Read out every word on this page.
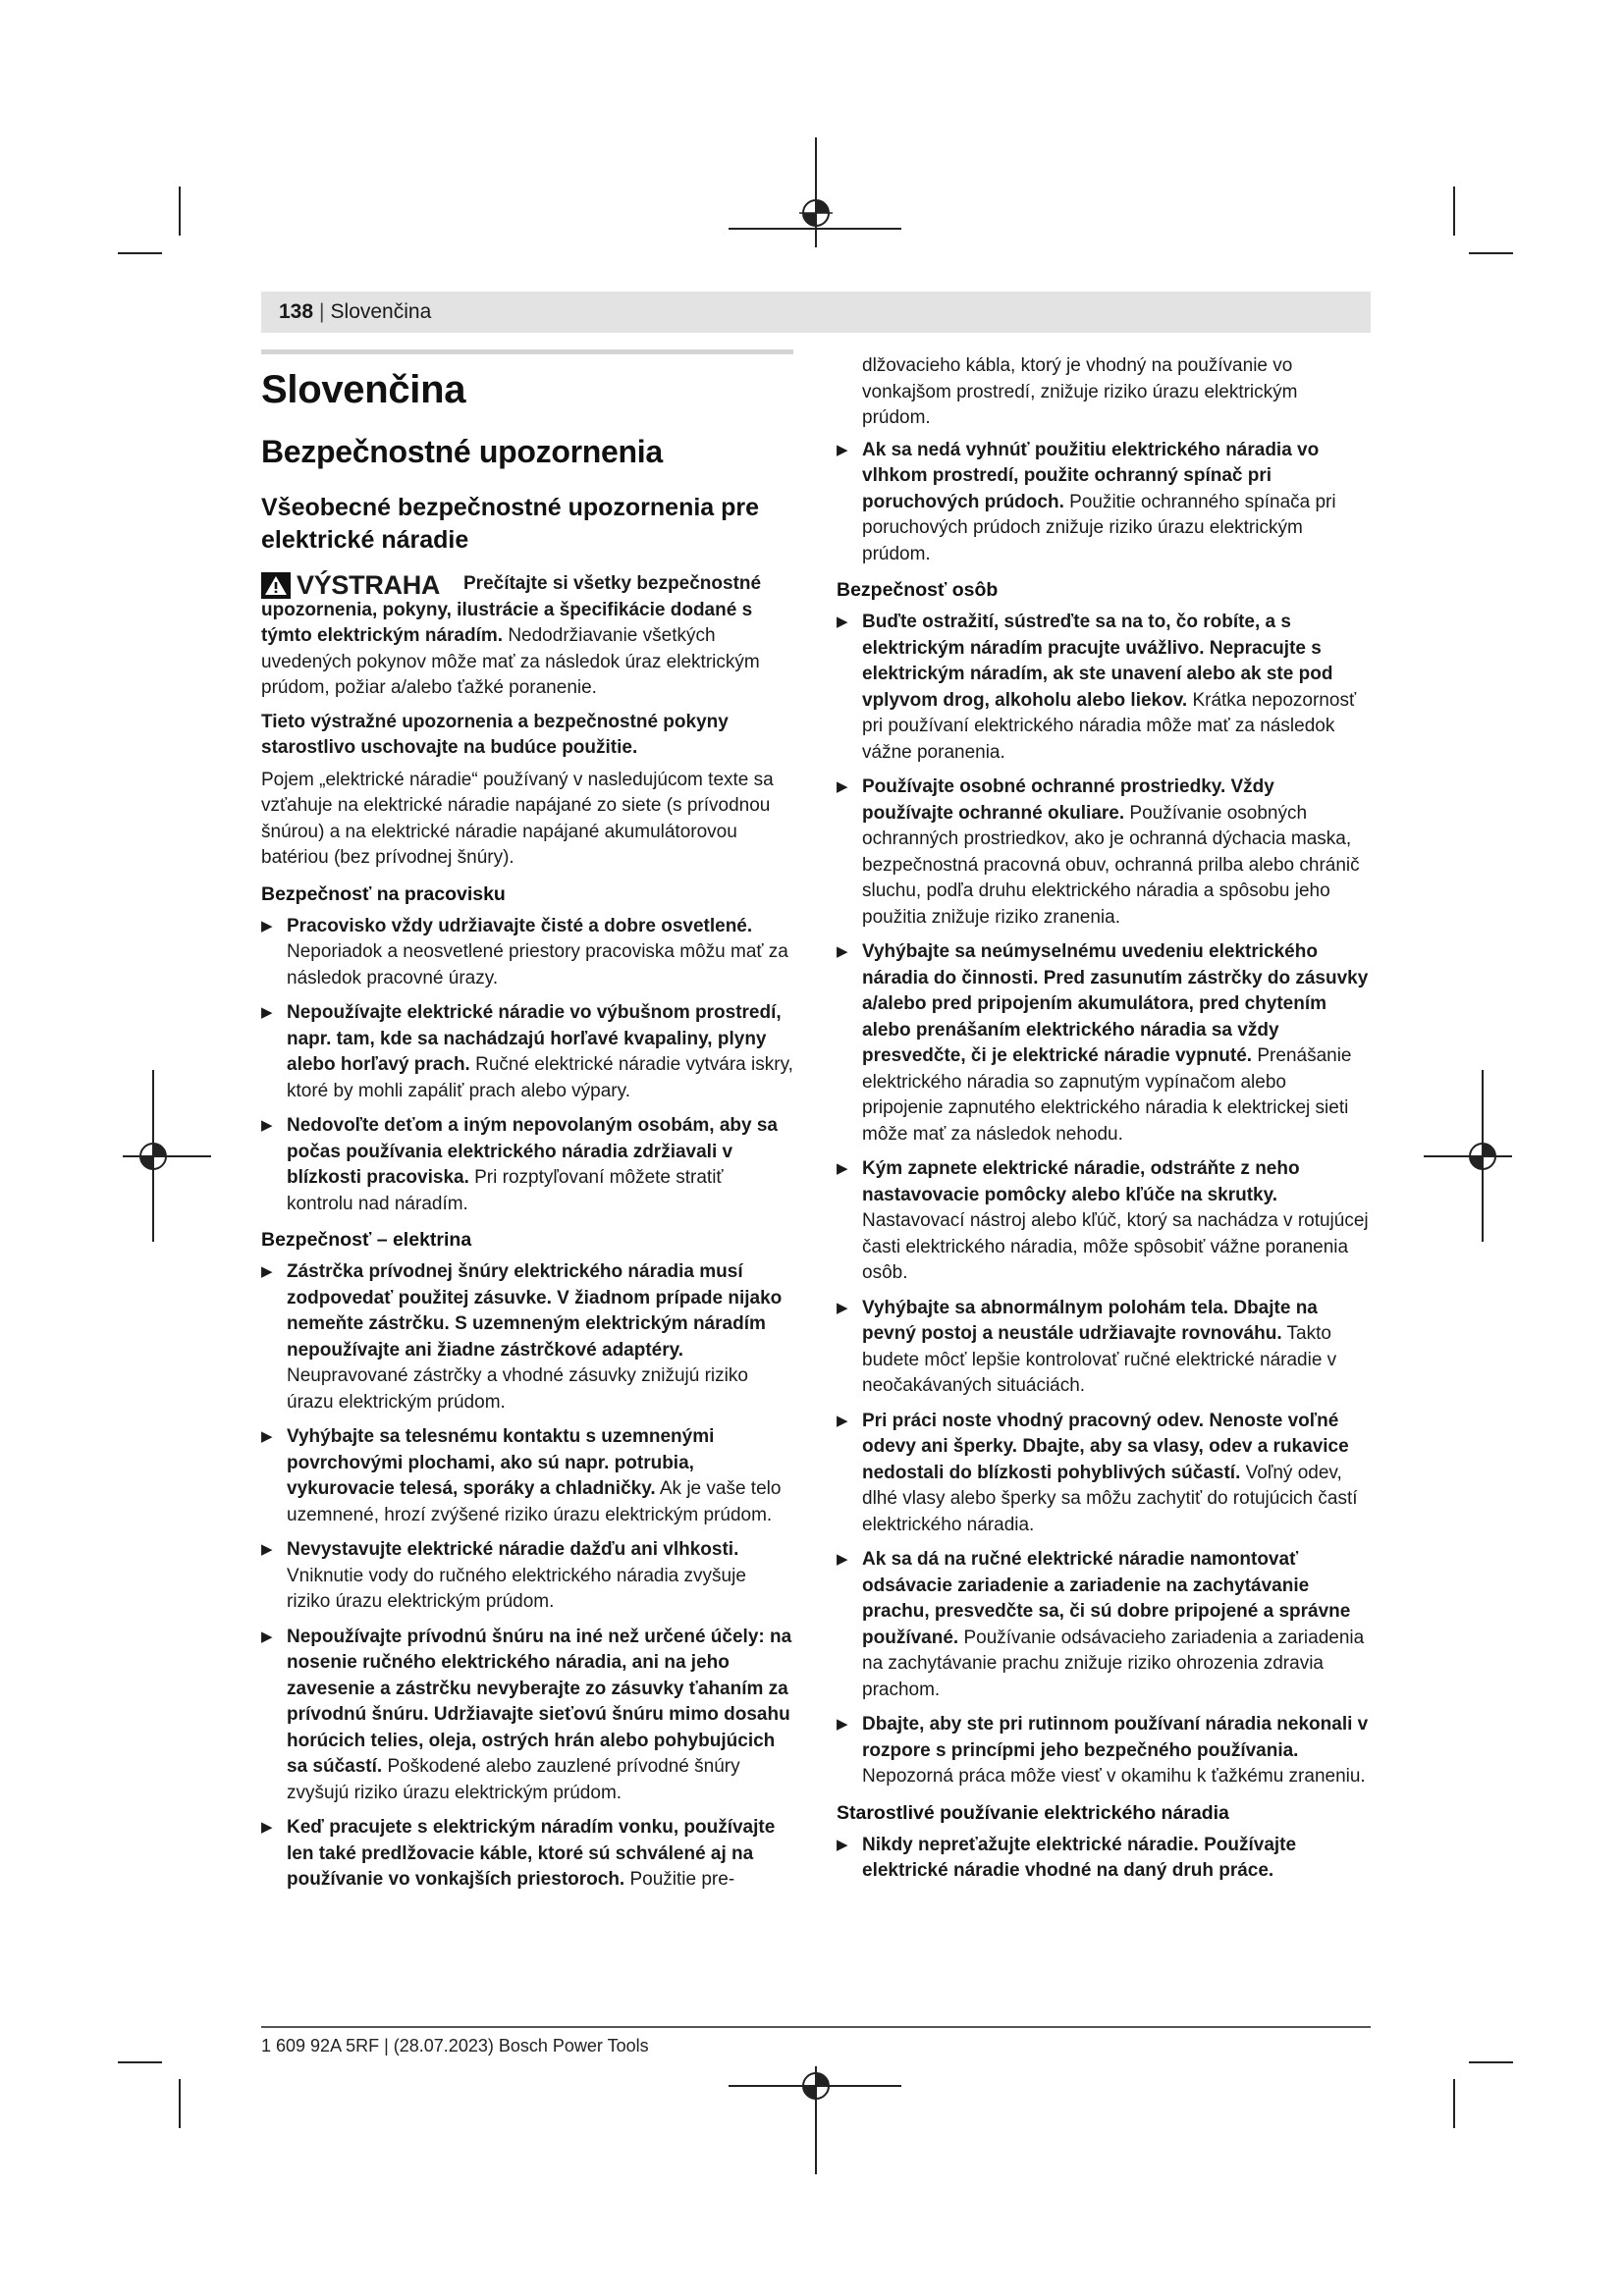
138 | Slovenčina
Slovenčina
Bezpečnostné upozornenia
Všeobecné bezpečnostné upozornenia pre elektrické náradie
VÝSTRAHA	Prečítajte si všetky bezpečnostné upozornenia, pokyny, ilustrácie a špecifikácie dodané s týmto elektrickým náradím. Nedodržiavanie všetkých uvedených pokynov môže mať za následok úraz elektrickým prúdom, požiar a/alebo ťažké poranenie.

Tieto výstražné upozornenia a bezpečnostné pokyny starostlivo uschovajte na budúce použitie.

Pojem „elektrické náradie“ používaný v nasledujúcom texte sa vzťahuje na elektrické náradie napájané zo siete (s prívodnou šnúrou) a na elektrické náradie napájané akumulátorovou batériou (bez prívodnej šnúry).

Bezpečnosť na pracovisku
▶ Pracovisko vždy udržiavajte čisté a dobre osvetlené. Neporiadok a neosvetlené priestory pracoviska môžu mať za následok pracovné úrazy.
▶ Nepoužívajte elektrické náradie vo výbušnom prostredí, napr. tam, kde sa nachádzajú horľavé kvapaliny, plyny alebo horľavý prach. Ručné elektrické náradie vytvára iskry, ktoré by mohli zapáliť prach alebo výpary.
▶ Nedovoľte deťom a iným nepovolaným osobám, aby sa počas používania elektrického náradia zdržiavali v blízkosti pracoviska. Pri rozptyľovaní môžete stratiť kontrolu nad náradím.
Bezpečnosť – elektrina
▶ Zástrčka prívodnej šnúry elektrického náradia musí zodpovedať použitej zásuvke. V žiadnom prípade nijako nemeňte zástrčku. S uzemneným elektrickým náradím nepoužívajte ani žiadne zástrčkové adaptéry. Neupravované zástrčky a vhodné zásuvky znižujú riziko úrazu elektrickým prúdom.
▶ Vyhýbajte sa telesnému kontaktu s uzemnenými povrchovými plochami, ako sú napr. potrubia, vykurovacie telesá, sporáky a chladničky. Ak je vaše telo uzemnené, hrozí zvýšené riziko úrazu elektrickým prúdom.
▶ Nevystavujte elektrické náradie dažďu ani vlhkosti. Vniknutie vody do ručného elektrického náradia zvyšuje riziko úrazu elektrickým prúdom.
▶ Nepoužívajte prívodnú šnúru na iné než určené účely: na nosenie ručného elektrického náradia, ani na jeho zavesenie a zástrčku nevyberajte zo zásuvky ťahaním za prívodnú šnúru. Udržiavajte sieťovú šnúru mimo dosahu horúcich telies, oleja, ostrých hrán alebo pohybujúcich sa súčastí. Poškodené alebo zauzlené prívodné šnúry zvyšujú riziko úrazu elektrickým prúdom.
▶ Keď pracujete s elektrickým náradím vonku, používajte len také predlžovacie káble, ktoré sú schválené aj na používanie vo vonkajších priestoroch. Použitie pre-

dlžovacieho kábla, ktorý je vhodný na používanie vo vonkajšom prostredí, znižuje riziko úrazu elektrickým prúdom.

▶ Ak sa nedá vyhnúť použitiu elektrického náradia vo vlhkom prostredí, použite ochranný spínač pri poruchových prúdoch. Použitie ochranného spínača pri poruchových prúdoch znižuje riziko úrazu elektrickým prúdom.
Bezpečnosť osôb
▶ Buďte ostražití, sústreďte sa na to, čo robíte, a s elektrickým náradím pracujte uvážlivo. Nepracujte s elektrickým náradím, ak ste unavení alebo ak ste pod vplyvom drog, alkoholu alebo liekov. Krátka nepozornosť pri používaní elektrického náradia môže mať za následok vážne poranenia.
▶ Používajte osobné ochranné prostriedky. Vždy používajte ochranné okuliare. Používanie osobných ochranných prostriedkov, ako je ochranná dýchacia maska, bezpečnostná pracovná obuv, ochranná prilba alebo chránič sluchu, podľa druhu elektrického náradia a spôsobu jeho použitia znižuje riziko zranenia.
▶ Vyhýbajte sa neúmyselnému uvedeniu elektrického náradia do činnosti. Pred zasunutím zástrčky do zásuvky a/alebo pred pripojením akumulátora, pred chytením alebo prenášaním elektrického náradia sa vždy presvedčte, či je elektrické náradie vypnuté. Prenášanie elektrického náradia so zapnutým vypínačom alebo pripojenie zapnutého elektrického náradia k elektrickej sieti môže mať za následok nehodu.
▶ Kým zapnete elektrické náradie, odstráňte z neho nastavovacie pomôcky alebo kľúče na skrutky. Nastavovací nástroj alebo kľúč, ktorý sa nachádza v rotujúcej časti elektrického náradia, môže spôsobiť vážne poranenia osôb.
▶ Vyhýbajte sa abnormálnym polohám tela. Dbajte na pevný postoj a neustále udržiavajte rovnováhu. Takto budete môcť lepšie kontrolovať ručné elektrické náradie v neočakávaných situáciách.
▶ Pri práci noste vhodný pracovný odev. Nenoste voľné odevy ani šperky. Dbajte, aby sa vlasy, odev a rukavice nedostali do blízkosti pohyblivých súčastí. Voľný odev, dlhé vlasy alebo šperky sa môžu zachytiť do rotujúcich častí elektrického náradia.
▶ Ak sa dá na ručné elektrické náradie namontovať odsávacie zariadenie a zariadenie na zachytávanie prachu, presvedčte sa, či sú dobre pripojené a správne používané. Používanie odsávacieho zariadenia a zariadenia na zachytávanie prachu znižuje riziko ohrozenia zdravia prachom.
▶ Dbajte, aby ste pri rutinnom používaní náradia nekonali v rozpore s princípmi jeho bezpečného používania. Nepozorná práca môže viesť v okamihu k ťažkému zraneniu.
Starostlivé používanie elektrického náradia
▶ Nikdy nepreťažujte elektrické náradie. Používajte elektrické náradie vhodné na daný druh práce.
1 609 92A 5RF | (28.07.2023) Bosch Power Tools
